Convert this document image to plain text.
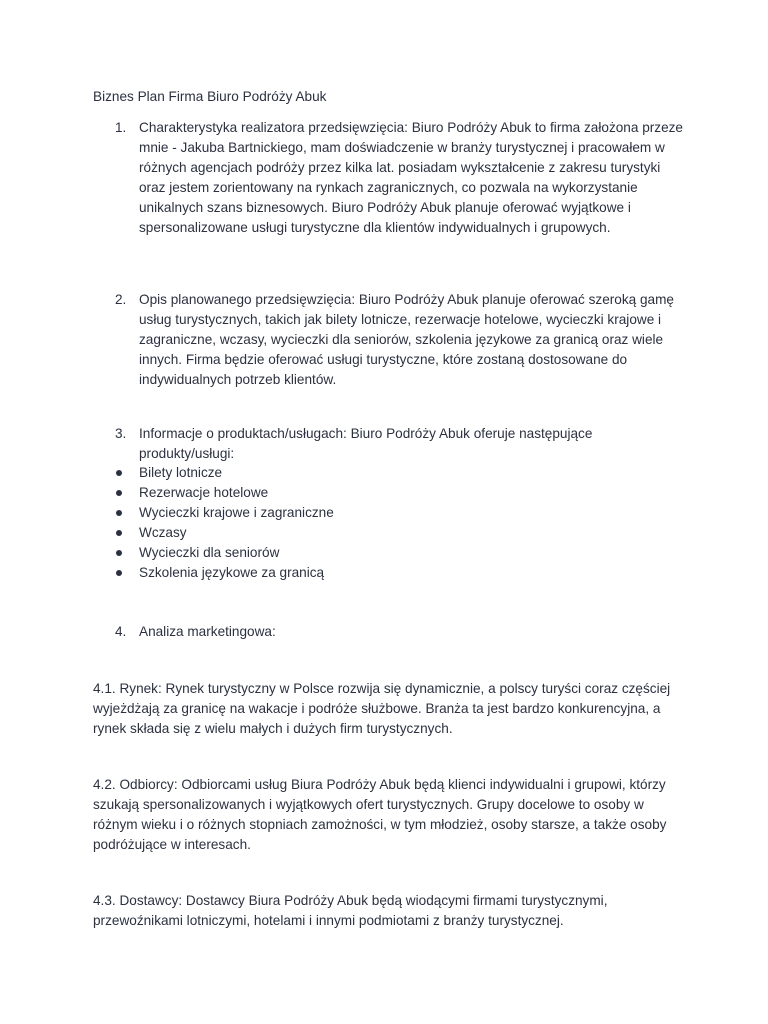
Biznes Plan Firma Biuro Podróży Abuk
1. Charakterystyka realizatora przedsięwzięcia: Biuro Podróży Abuk to firma założona przeze mnie - Jakuba Bartnickiego, mam doświadczenie w branży turystycznej i pracowałem w różnych agencjach podróży przez kilka lat. posiadam wykształcenie z zakresu turystyki oraz jestem zorientowany na rynkach zagranicznych, co pozwala na wykorzystanie unikalnych szans biznesowych. Biuro Podróży Abuk planuje oferować wyjątkowe i spersonalizowane usługi turystyczne dla klientów indywidualnych i grupowych.
2. Opis planowanego przedsięwzięcia: Biuro Podróży Abuk planuje oferować szeroką gamę usług turystycznych, takich jak bilety lotnicze, rezerwacje hotelowe, wycieczki krajowe i zagraniczne, wczasy, wycieczki dla seniorów, szkolenia językowe za granicą oraz wiele innych. Firma będzie oferować usługi turystyczne, które zostaną dostosowane do indywidualnych potrzeb klientów.
3. Informacje o produktach/usługach: Biuro Podróży Abuk oferuje następujące produkty/usługi:
Bilety lotnicze
Rezerwacje hotelowe
Wycieczki krajowe i zagraniczne
Wczasy
Wycieczki dla seniorów
Szkolenia językowe za granicą
4. Analiza marketingowa:

4.1. Rynek: Rynek turystyczny w Polsce rozwija się dynamicznie, a polscy turyści coraz częściej wyjeżdżają za granicę na wakacje i podróże służbowe. Branża ta jest bardzo konkurencyjna, a rynek składa się z wielu małych i dużych firm turystycznych.

4.2. Odbiorcy: Odbiorcami usług Biura Podróży Abuk będą klienci indywidualni i grupowi, którzy szukają spersonalizowanych i wyjątkowych ofert turystycznych. Grupy docelowe to osoby w różnym wieku i o różnych stopniach zamożności, w tym młodzież, osoby starsze, a także osoby podróżujące w interesach.

4.3. Dostawcy: Dostawcy Biura Podróży Abuk będą wiodącymi firmami turystycznymi, przewoźnikami lotniczymi, hotelami i innymi podmiotami z branży turystycznej.
